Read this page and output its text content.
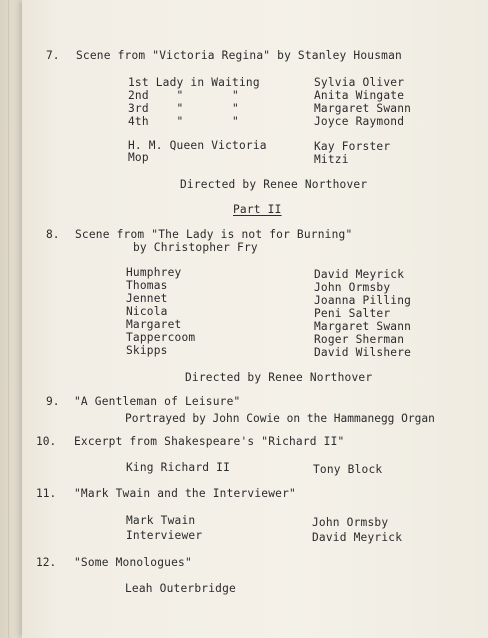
7. Scene from "Victoria Regina" by Stanley Housman
1st Lady in Waiting	Sylvia Oliver
2nd    "       "	Anita Wingate
3rd    "       "	Margaret Swann
4th    "       "	Joyce Raymond
H. M. Queen Victoria	Kay Forster
Mop	Mitzi
Directed by Renee Northover
Part II
8. Scene from "The Lady is not for Burning"
by Christopher Fry
Humphrey	David Meyrick
Thomas	John Ormsby
Jennet	Joanna Pilling
Nicola	Peni Salter
Margaret	Margaret Swann
Tappercoom	Roger Sherman
Skipps	David Wilshere
Directed by Renee Northover
9. "A Gentleman of Leisure"
Portrayed by John Cowie on the Hammanegg Organ
10. Excerpt from Shakespeare's "Richard II"
King Richard II	Tony Block
11. "Mark Twain and the Interviewer"
Mark Twain	John Ormsby
Interviewer	David Meyrick
12. "Some Monologues"
Leah Outerbridge
